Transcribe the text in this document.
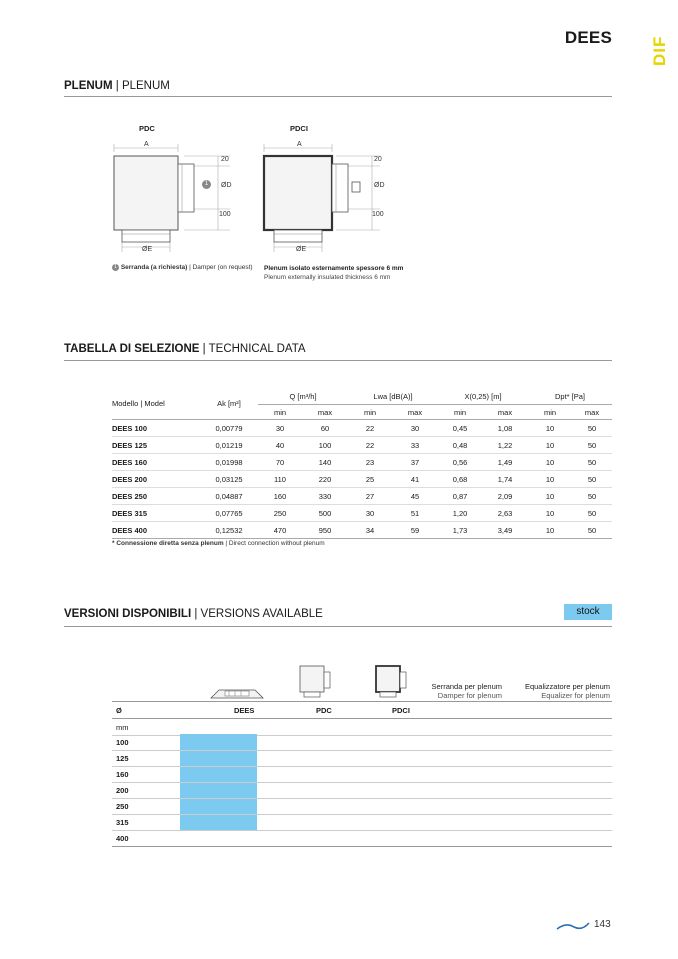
DEES DIF
PLENUM | PLENUM
PDC	PDCI
A
20
ØD
100
ØE
1
A
20
ØD
100
ØE
1 Serranda (a richiesta) | Damper (on request) Plenum isolato esternamente spessore 6 mm
Plenum externally insulated thickness 6 mm
TABELLA DI SELEZIONE | TECHNICAL DATA
Modello | Model	Ak [m²]	Q [m³/h]		Lwa [dB(A)]		X(0,25) [m]		Dpt* [Pa]	
		min	max	min	max	min	max	min	max
DEES 100	0,00779	30	60	22	30	0,45	1,08	10	50
DEES 125	0,01219	40	100	22	33	0,48	1,22	10	50
DEES 160	0,01998	70	140	23	37	0,56	1,49	10	50
DEES 200	0,03125	110	220	25	41	0,68	1,74	10	50
DEES 250	0,04887	160	330	27	45	0,87	2,09	10	50
DEES 315	0,07765	250	500	30	51	1,20	2,63	10	50
DEES 400	0,12532	470	950	34	59	1,73	3,49	10	50
* Connessione diretta senza plenum | Direct connection without plenum
VERSIONI DISPONIBILI | VERSIONS AVAILABLE	stock
Serranda per plenum
Damper for plenum
Equalizzatore per plenum
Equalizer for plenum
Ø	DEES	PDC	PDCI
mm
100
125
160
200
250
315
400
143
